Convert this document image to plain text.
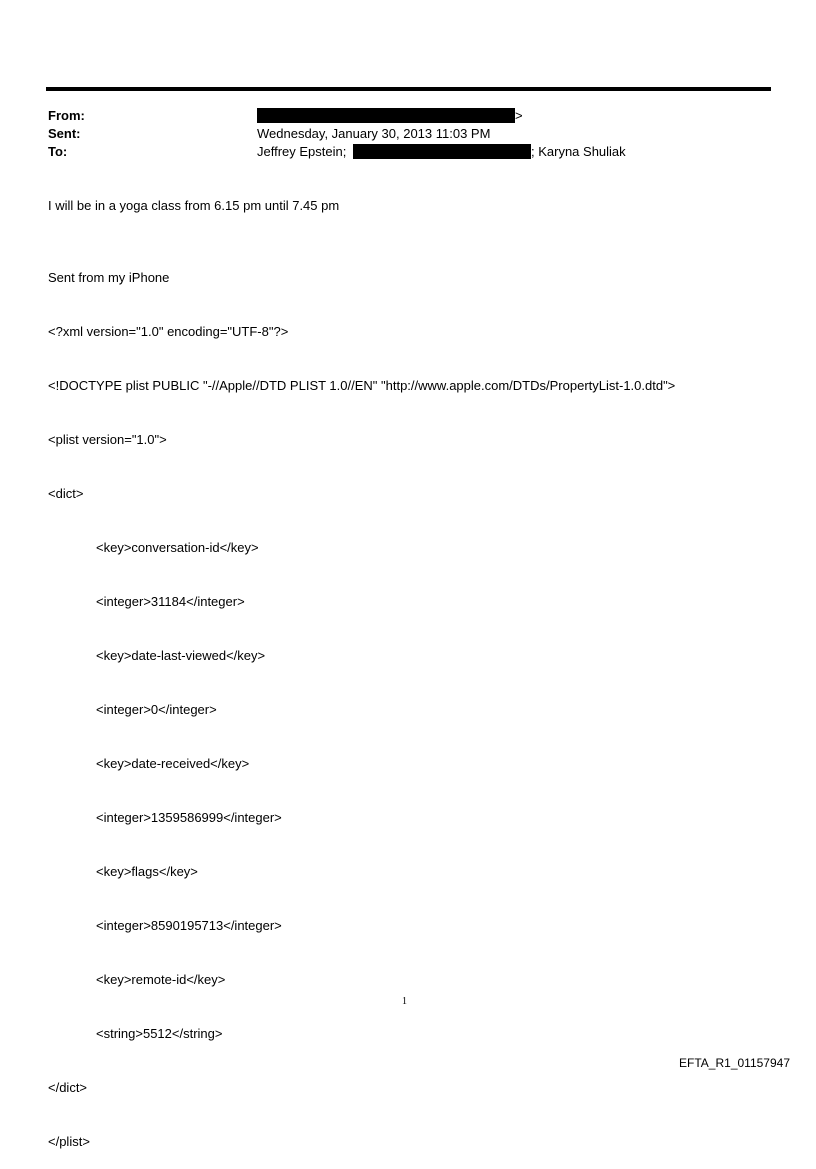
From:	>
Sent:	Wednesday, January 30, 2013 11:03 PM
To:	Jeffrey Epstein;	; Karyna Shuliak
I will be in a yoga class from 6.15 pm until 7.45 pm

Sent from my iPhone

<?xml version="1.0" encoding="UTF-8"?>

<!DOCTYPE plist PUBLIC "-//Apple//DTD PLIST 1.0//EN" "http://www.apple.com/DTDs/PropertyList-1.0.dtd">

<plist version="1.0">

<dict>

<key>conversation-id</key>

<integer>31184</integer>

<key>date-last-viewed</key>

<integer>0</integer>

<key>date-received</key>

<integer>1359586999</integer>

<key>flags</key>

<integer>8590195713</integer>

<key>remote-id</key>

<string>5512</string>

</dict>

</plist>

1
EFTA_R1_01157947
